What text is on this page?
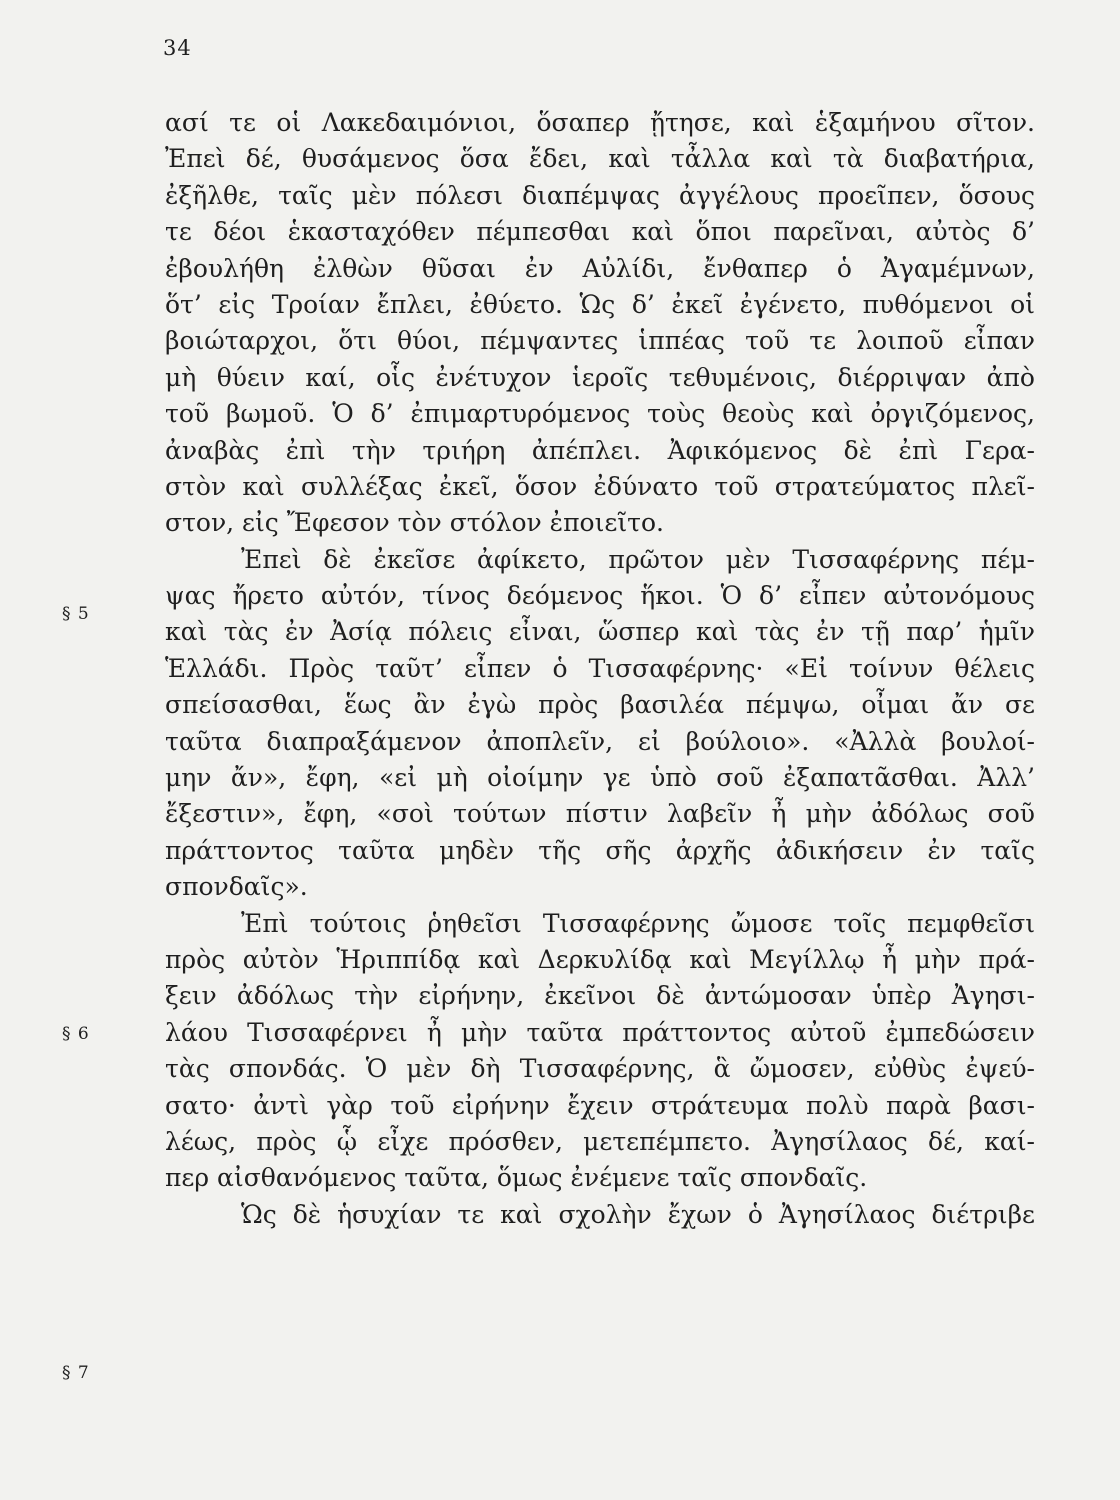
34
§ 5
§ 6
§ 7
ασί τε οἱ Λακεδαιμόνιοι, ὅσαπερ ᾔτησε, καὶ ἑξαμήνου σῖτον.
Ἐπεὶ δέ, θυσάμενος ὅσα ἔδει, καὶ τἆλλα καὶ τὰ διαβατήρια,
ἐξῆλθε, ταῖς μὲν πόλεσι διαπέμψας ἀγγέλους προεῖπεν, ὅσους
τε δέοι ἑκασταχόθεν πέμπεσθαι καὶ ὅποι παρεῖναι, αὐτὸς δ’
ἐβουλήθη ἐλθὼν θῦσαι ἐν Αὐλίδι, ἔνθαπερ ὁ Ἀγαμέμνων,
ὅτ’ εἰς Τροίαν ἔπλει, ἐθύετο. Ὡς δ’ ἐκεῖ ἐγένετο, πυθόμενοι οἱ
βοιώταρχοι, ὅτι θύοι, πέμψαντες ἱππέας τοῦ τε λοιποῦ εἶπαν
μὴ θύειν καί, οἷς ἐνέτυχον ἱεροῖς τεθυμένοις, διέρριψαν ἀπὸ
τοῦ βωμοῦ. Ὁ δ’ ἐπιμαρτυρόμενος τοὺς θεοὺς καὶ ὀργιζόμενος,
ἀναβὰς ἐπὶ τὴν τριήρη ἀπέπλει. Ἀφικόμενος δὲ ἐπὶ Γερα-
στὸν καὶ συλλέξας ἐκεῖ, ὅσον ἐδύνατο τοῦ στρατεύματος πλεῖ-
στον, εἰς Ἔφεσον τὸν στόλον ἐποιεῖτο.
Ἐπεὶ δὲ ἐκεῖσε ἀφίκετο, πρῶτον μὲν Τισσαφέρνης πέμ-
ψας ἤρετο αὐτόν, τίνος δεόμενος ἥκοι. Ὁ δ’ εἶπεν αὐτονόμους
καὶ τὰς ἐν Ἀσίᾳ πόλεις εἶναι, ὥσπερ καὶ τὰς ἐν τῇ παρ’ ἡμῖν
Ἑλλάδι. Πρὸς ταῦτ’ εἶπεν ὁ Τισσαφέρνης· «Εἰ τοίνυν θέλεις
σπείσασθαι, ἕως ἂν ἐγὼ πρὸς βασιλέα πέμψω, οἶμαι ἄν σε
ταῦτα διαπραξάμενον ἀποπλεῖν, εἰ βούλοιο». «Ἀλλὰ βουλοί-
μην ἄν», ἔφη, «εἰ μὴ οἰοίμην γε ὑπὸ σοῦ ἐξαπατᾶσθαι. Ἀλλ’
ἔξεστιν», ἔφη, «σοὶ τούτων πίστιν λαβεῖν ἦ μὴν ἀδόλως σοῦ
πράττοντος ταῦτα μηδὲν τῆς σῆς ἀρχῆς ἀδικήσειν ἐν ταῖς
σπονδαῖς».
Ἐπὶ τούτοις ῥηθεῖσι Τισσαφέρνης ὤμοσε τοῖς πεμφθεῖσι
πρὸς αὐτὸν Ἡριππίδᾳ καὶ Δερκυλίδᾳ καὶ Μεγίλλῳ ἦ μὴν πρά-
ξειν ἀδόλως τὴν εἰρήνην, ἐκεῖνοι δὲ ἀντώμοσαν ὑπὲρ Ἀγησι-
λάου Τισσαφέρνει ἦ μὴν ταῦτα πράττοντος αὐτοῦ ἐμπεδώσειν
τὰς σπονδάς. Ὁ μὲν δὴ Τισσαφέρνης, ἃ ὤμοσεν, εὐθὺς ἐψεύ-
σατο· ἀντὶ γὰρ τοῦ εἰρήνην ἔχειν στράτευμα πολὺ παρὰ βασι-
λέως, πρὸς ᾧ εἶχε πρόσθεν, μετεπέμπετο. Ἀγησίλαος δέ, καί-
περ αἰσθανόμενος ταῦτα, ὅμως ἐνέμενε ταῖς σπονδαῖς.
Ὡς δὲ ἡσυχίαν τε καὶ σχολὴν ἔχων ὁ Ἀγησίλαος διέτριβε
